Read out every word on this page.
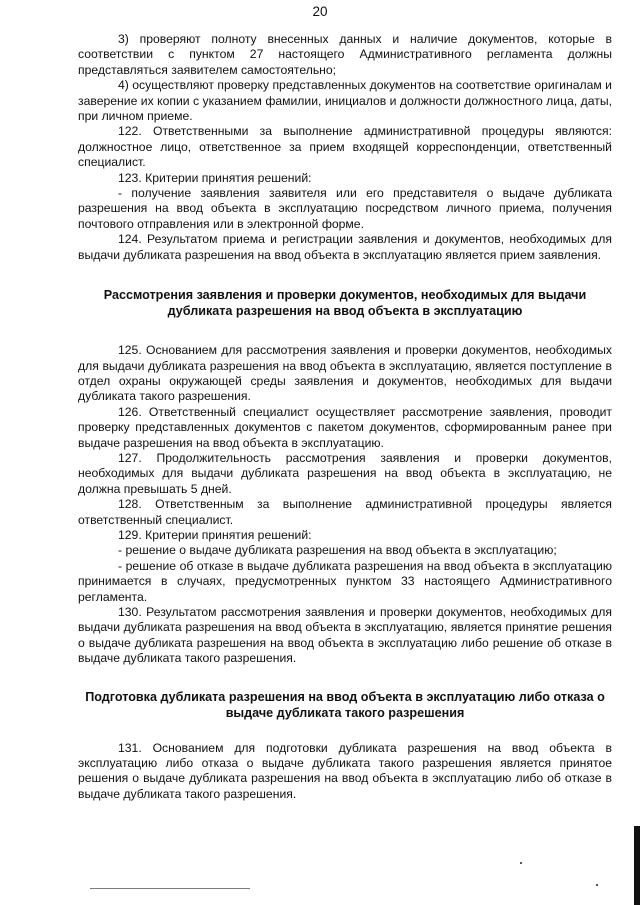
20

3) проверяют полноту внесенных данных и наличие документов, которые в соответствии с пунктом 27 настоящего Административного регламента должны представляться заявителем самостоятельно;

4) осуществляют проверку представленных документов на соответствие оригиналам и заверение их копии с указанием фамилии, инициалов и должности должностного лица, даты, при личном приеме.

122. Ответственными за выполнение административной процедуры являются: должностное лицо, ответственное за прием входящей корреспонденции, ответственный специалист.

123. Критерии принятия решений:

- получение заявления заявителя или его представителя о выдаче дубликата разрешения на ввод объекта в эксплуатацию посредством личного приема, получения почтового отправления или в электронной форме.

124. Результатом приема и регистрации заявления и документов, необходимых для выдачи дубликата разрешения на ввод объекта в эксплуатацию является прием заявления.

Рассмотрения заявления и проверки документов, необходимых для выдачи дубликата разрешения на ввод объекта в эксплуатацию

125. Основанием для рассмотрения заявления и проверки документов, необходимых для выдачи дубликата разрешения на ввод объекта в эксплуатацию, является поступление в отдел охраны окружающей среды заявления и документов, необходимых для выдачи дубликата такого разрешения.

126. Ответственный специалист осуществляет рассмотрение заявления, проводит проверку представленных документов с пакетом документов, сформированным ранее при выдаче разрешения на ввод объекта в эксплуатацию.

127. Продолжительность рассмотрения заявления и проверки документов, необходимых для выдачи дубликата разрешения на ввод объекта в эксплуатацию, не должна превышать 5 дней.

128. Ответственным за выполнение административной процедуры является ответственный специалист.

129. Критерии принятия решений:

- решение о выдаче дубликата разрешения на ввод объекта в эксплуатацию;

- решение об отказе в выдаче дубликата разрешения на ввод объекта в эксплуатацию принимается в случаях, предусмотренных пунктом 33 настоящего Административного регламента.

130. Результатом рассмотрения заявления и проверки документов, необходимых для выдачи дубликата разрешения на ввод объекта в эксплуатацию, является принятие решения о выдаче дубликата разрешения на ввод объекта в эксплуатацию либо решение об отказе в выдаче дубликата такого разрешения.

Подготовка дубликата разрешения на ввод объекта в эксплуатацию либо отказа о выдаче дубликата такого разрешения

131. Основанием для подготовки дубликата разрешения на ввод объекта в эксплуатацию либо отказа о выдаче дубликата такого разрешения является принятое решения о выдаче дубликата разрешения на ввод объекта в эксплуатацию либо об отказе в выдаче дубликата такого разрешения.
